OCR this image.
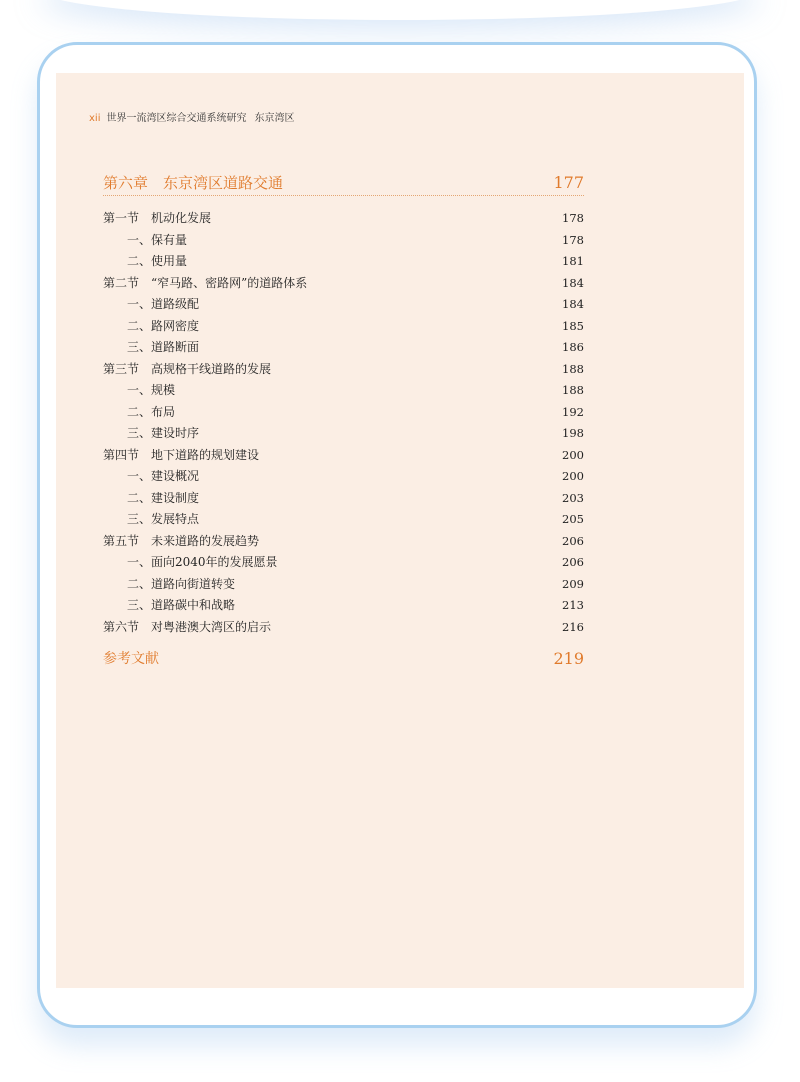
xii 世界一流湾区综合交通系统研究 东京湾区
第六章　东京湾区道路交通	177
第一节　机动化发展	178
一、保有量	178
二、使用量	181
第二节　“窄马路、密路网”的道路体系	184
一、道路级配	184
二、路网密度	185
三、道路断面	186
第三节　高规格干线道路的发展	188
一、规模	188
二、布局	192
三、建设时序	198
第四节　地下道路的规划建设	200
一、建设概况	200
二、建设制度	203
三、发展特点	205
第五节　未来道路的发展趋势	206
一、面向2040年的发展愿景	206
二、道路向街道转变	209
三、道路碳中和战略	213
第六节　对粤港澳大湾区的启示	216
参考文献	219
